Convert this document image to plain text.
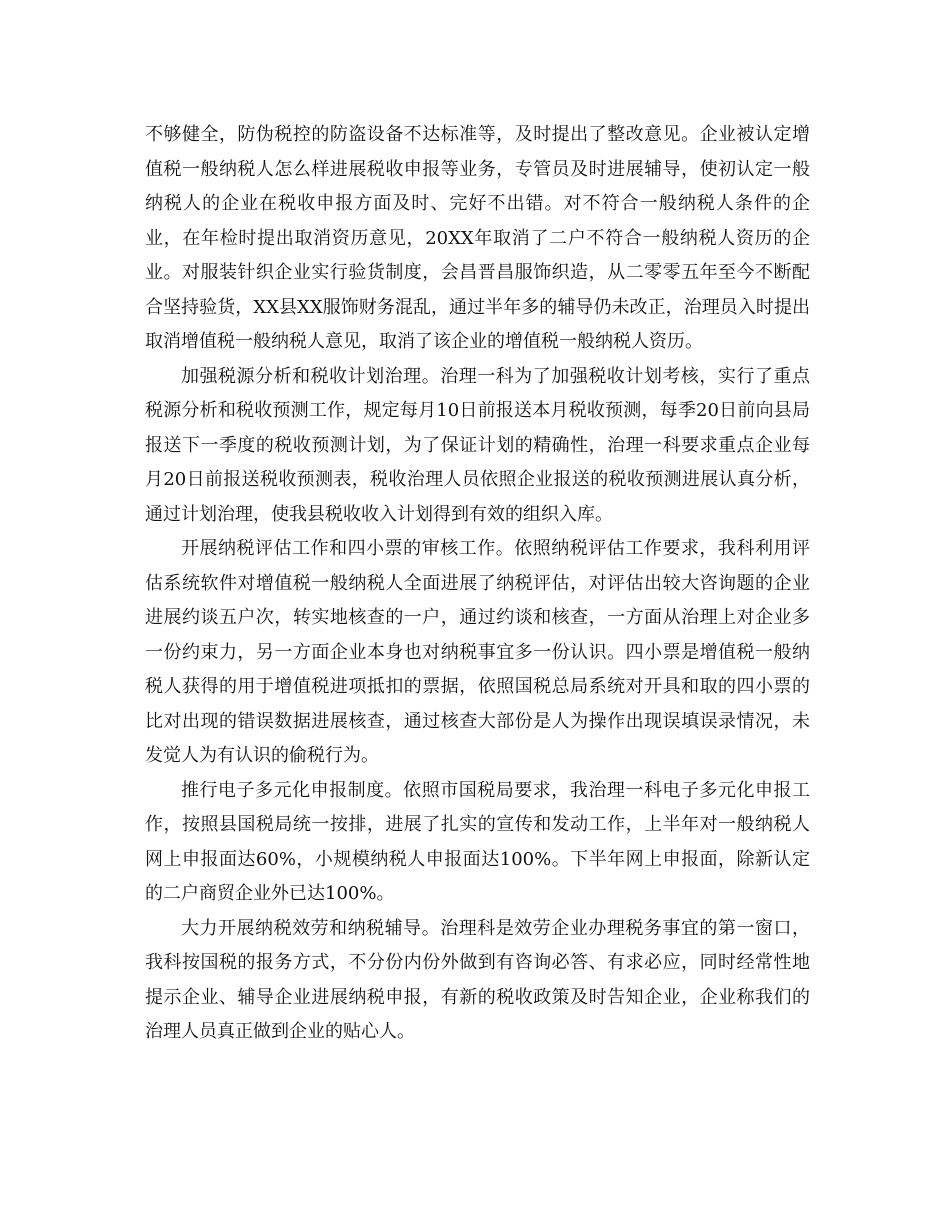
不够健全，防伪税控的防盗设备不达标准等，及时提出了整改意见。企业被认定增值税一般纳税人怎么样进展税收申报等业务，专管员及时进展辅导，使初认定一般纳税人的企业在税收申报方面及时、完好不出错。对不符合一般纳税人条件的企业，在年检时提出取消资历意见，20XX年取消了二户不符合一般纳税人资历的企业。对服装针织企业实行验货制度，会昌晋昌服饰织造，从二零零五年至今不断配合坚持验货，XX县XX服饰财务混乱，通过半年多的辅导仍未改正，治理员入时提出取消增值税一般纳税人意见，取消了该企业的增值税一般纳税人资历。

加强税源分析和税收计划治理。治理一科为了加强税收计划考核，实行了重点税源分析和税收预测工作，规定每月10日前报送本月税收预测，每季20日前向县局报送下一季度的税收预测计划，为了保证计划的精确性，治理一科要求重点企业每月20日前报送税收预测表，税收治理人员依照企业报送的税收预测进展认真分析，通过计划治理，使我县税收收入计划得到有效的组织入库。

开展纳税评估工作和四小票的审核工作。依照纳税评估工作要求，我科利用评估系统软件对增值税一般纳税人全面进展了纳税评估，对评估出较大咨询题的企业进展约谈五户次，转实地核查的一户，通过约谈和核查，一方面从治理上对企业多一份约束力，另一方面企业本身也对纳税事宜多一份认识。四小票是增值税一般纳税人获得的用于增值税进项抵扣的票据，依照国税总局系统对开具和取的四小票的比对出现的错误数据进展核查，通过核查大部份是人为操作出现误填误录情况，未发觉人为有认识的偷税行为。

推行电子多元化申报制度。依照市国税局要求，我治理一科电子多元化申报工作，按照县国税局统一按排，进展了扎实的宣传和发动工作，上半年对一般纳税人网上申报面达60%，小规模纳税人申报面达100%。下半年网上申报面，除新认定的二户商贸企业外已达100%。

大力开展纳税效劳和纳税辅导。治理科是效劳企业办理税务事宜的第一窗口，我科按国税的报务方式，不分份内份外做到有咨询必答、有求必应，同时经常性地提示企业、辅导企业进展纳税申报，有新的税收政策及时告知企业，企业称我们的治理人员真正做到企业的贴心人。
